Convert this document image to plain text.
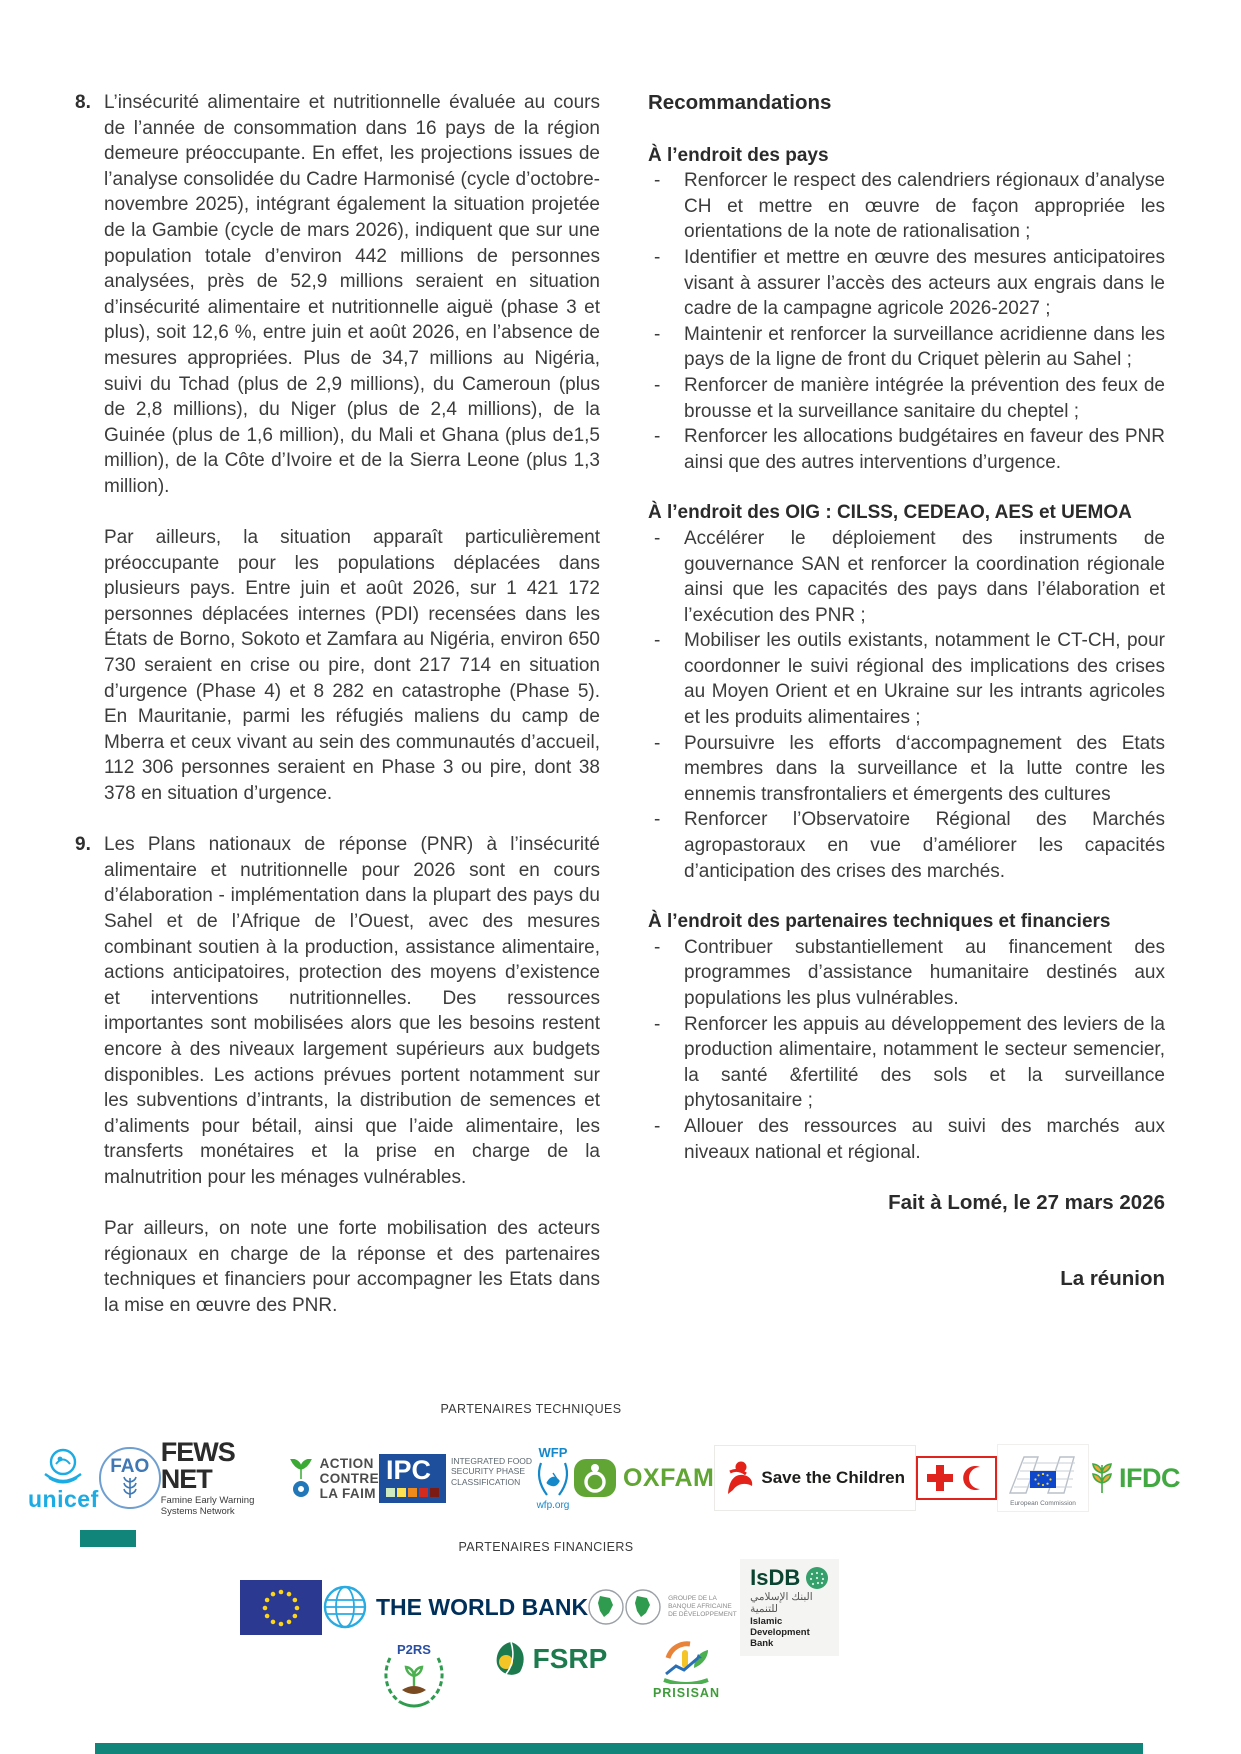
8. L’insécurité alimentaire et nutritionnelle évaluée au cours de l’année de consommation dans 16 pays de la région demeure préoccupante. En effet, les projections issues de l’analyse consolidée du Cadre Harmonisé (cycle d’octobre-novembre 2025), intégrant également la situation projetée de la Gambie (cycle de mars 2026), indiquent que sur une population totale d’environ 442 millions de personnes analysées, près de 52,9 millions seraient en situation d’insécurité alimentaire et nutritionnelle aiguë (phase 3 et plus), soit 12,6 %, entre juin et août 2026, en l’absence de mesures appropriées. Plus de 34,7 millions au Nigéria, suivi du Tchad (plus de 2,9 millions), du Cameroun (plus de 2,8 millions), du Niger (plus de 2,4 millions), de la Guinée (plus de 1,6 million), du Mali et Ghana (plus de1,5 million), de la Côte d’Ivoire et de la Sierra Leone (plus 1,3 million).

Par ailleurs, la situation apparaît particulièrement préoccupante pour les populations déplacées dans plusieurs pays. Entre juin et août 2026, sur 1 421 172 personnes déplacées internes (PDI) recensées dans les États de Borno, Sokoto et Zamfara au Nigéria, environ 650 730 seraient en crise ou pire, dont 217 714 en situation d’urgence (Phase 4) et 8 282 en catastrophe (Phase 5). En Mauritanie, parmi les réfugiés maliens du camp de Mberra et ceux vivant au sein des communautés d’accueil, 112 306 personnes seraient en Phase 3 ou pire, dont 38 378 en situation d’urgence.

9. Les Plans nationaux de réponse (PNR) à l’insécurité alimentaire et nutritionnelle pour 2026 sont en cours d’élaboration - implémentation dans la plupart des pays du Sahel et de l’Afrique de l’Ouest, avec des mesures combinant soutien à la production, assistance alimentaire, actions anticipatoires, protection des moyens d’existence et interventions nutritionnelles. Des ressources importantes sont mobilisées alors que les besoins restent encore à des niveaux largement supérieurs aux budgets disponibles. Les actions prévues portent notamment sur les subventions d’intrants, la distribution de semences et d’aliments pour bétail, ainsi que l’aide alimentaire, les transferts monétaires et la prise en charge de la malnutrition pour les ménages vulnérables.

Par ailleurs, on note une forte mobilisation des acteurs régionaux en charge de la réponse et des partenaires techniques et financiers pour accompagner les Etats dans la mise en œuvre des PNR.

Recommandations
À l’endroit des pays
- Renforcer le respect des calendriers régionaux d’analyse CH et mettre en œuvre de façon appropriée les orientations de la note de rationalisation ;
- Identifier et mettre en œuvre des mesures anticipatoires visant à assurer l’accès des acteurs aux engrais dans le cadre de la campagne agricole 2026-2027 ;
- Maintenir et renforcer la surveillance acridienne dans les pays de la ligne de front du Criquet pèlerin au Sahel ;
- Renforcer de manière intégrée la prévention des feux de brousse et la surveillance sanitaire du cheptel ;
- Renforcer les allocations budgétaires en faveur des PNR ainsi que des autres interventions d’urgence.
À l’endroit des OIG : CILSS, CEDEAO, AES et UEMOA
- Accélérer le déploiement des instruments de gouvernance SAN et renforcer la coordination régionale ainsi que les capacités des pays dans l’élaboration et l’exécution des PNR ;
- Mobiliser les outils existants, notamment le CT-CH, pour coordonner le suivi régional des implications des crises au Moyen Orient et en Ukraine sur les intrants agricoles et les produits alimentaires ;
- Poursuivre les efforts d‘accompagnement des Etats membres dans la surveillance et la lutte contre les ennemis transfrontaliers et émergents des cultures
- Renforcer l’Observatoire Régional des Marchés agropastoraux en vue d’améliorer les capacités d’anticipation des crises des marchés.
À l’endroit des partenaires techniques et financiers
- Contribuer substantiellement au financement des programmes d’assistance humanitaire destinés aux populations les plus vulnérables.
- Renforcer les appuis au développement des leviers de la production alimentaire, notamment le secteur semencier, la santé &fertilité des sols et la surveillance phytosanitaire ;
- Allouer des ressources au suivi des marchés aux niveaux national et régional.
Fait à Lomé, le 27 mars 2026
La réunion
PARTENAIRES TECHNIQUES
unicef
FAO FEWS NET
Famine Early Warning Systems Network
ACTION
CONTRE
LA FAIM
IPC	INTEGRATED FOOD SECURITY PHASE CLASSIFICATION
WFP
wfp.org
OXFAM	Save the Children
European Commission
IFDC
PARTENAIRES FINANCIERS
THE WORLD BANK	GROUPE DE LA BANQUE AFRICAINE DE DÉVELOPPEMENT
IsDB
البنك الإسلامي للتنمية
Islamic Development Bank
P2RS	FSRP
PRISISAN
